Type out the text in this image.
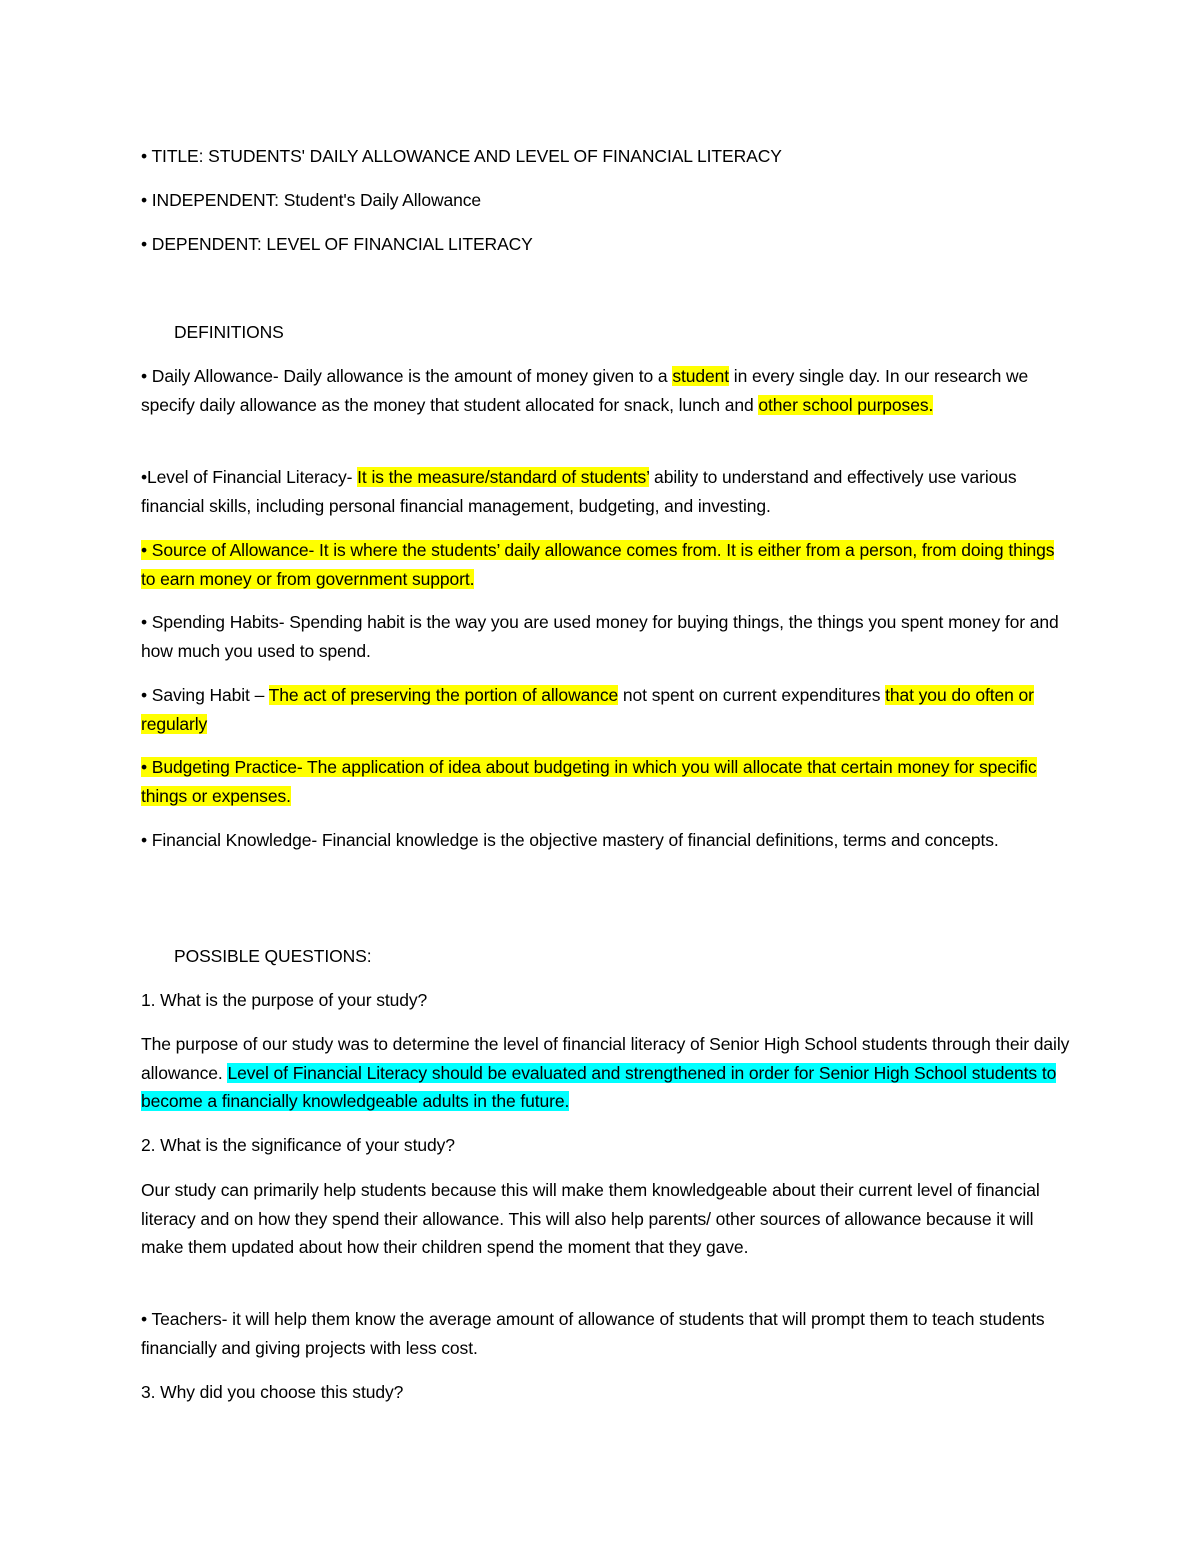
• TITLE: STUDENTS' DAILY ALLOWANCE AND LEVEL OF FINANCIAL LITERACY

• INDEPENDENT: Student's Daily Allowance

• DEPENDENT: LEVEL OF FINANCIAL LITERACY

DEFINITIONS

• Daily Allowance- Daily allowance is the amount of money given to a student in every single day. In our research we specify daily allowance as the money that student allocated for snack, lunch and other school purposes.

•Level of Financial Literacy- It is the measure/standard of students’ ability to understand and effectively use various financial skills, including personal financial management, budgeting, and investing.

• Source of Allowance- It is where the students’ daily allowance comes from. It is either from a person, from doing things to earn money or from government support.

• Spending Habits- Spending habit is the way you are used money for buying things, the things you spent money for and how much you used to spend.

• Saving Habit – The act of preserving the portion of allowance not spent on current expenditures that you do often or regularly

• Budgeting Practice- The application of idea about budgeting in which you will allocate that certain money for specific things or expenses.

• Financial Knowledge- Financial knowledge is the objective mastery of financial definitions, terms and concepts.

POSSIBLE QUESTIONS:

1. What is the purpose of your study?

The purpose of our study was to determine the level of financial literacy of Senior High School students through their daily allowance. Level of Financial Literacy should be evaluated and strengthened in order for Senior High School students to become a financially knowledgeable adults in the future.

2. What is the significance of your study?

Our study can primarily help students because this will make them knowledgeable about their current level of financial literacy and on how they spend their allowance. This will also help parents/ other sources of allowance because it will make them updated about how their children spend the moment that they gave.

• Teachers- it will help them know the average amount of allowance of students that will prompt them to teach students financially and giving projects with less cost.

3. Why did you choose this study?
